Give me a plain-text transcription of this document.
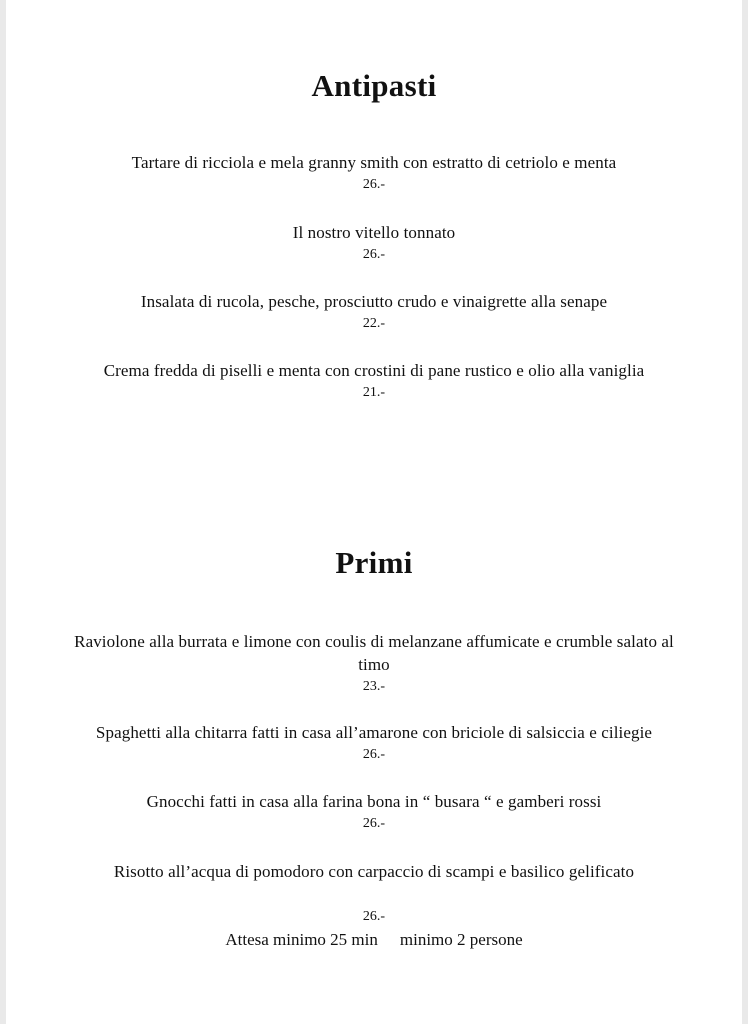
Antipasti
Tartare di ricciola e mela granny smith con estratto di cetriolo e menta
26.-
Il nostro vitello tonnato
26.-
Insalata di rucola, pesche, prosciutto crudo e vinaigrette alla senape
22.-
Crema fredda di piselli e menta con crostini di pane rustico e olio alla vaniglia
21.-
Primi
Raviolone alla burrata e limone con coulis di melanzane affumicate e crumble salato al timo
23.-
Spaghetti alla chitarra fatti in casa all’amarone con briciole di salsiccia e ciliegie
26.-
Gnocchi fatti in casa alla farina bona in “ busara “ e gamberi rossi
26.-
Risotto all’acqua di pomodoro con carpaccio di scampi e basilico gelificato
26.-
Attesa minimo 25 min minimo 2 persone
